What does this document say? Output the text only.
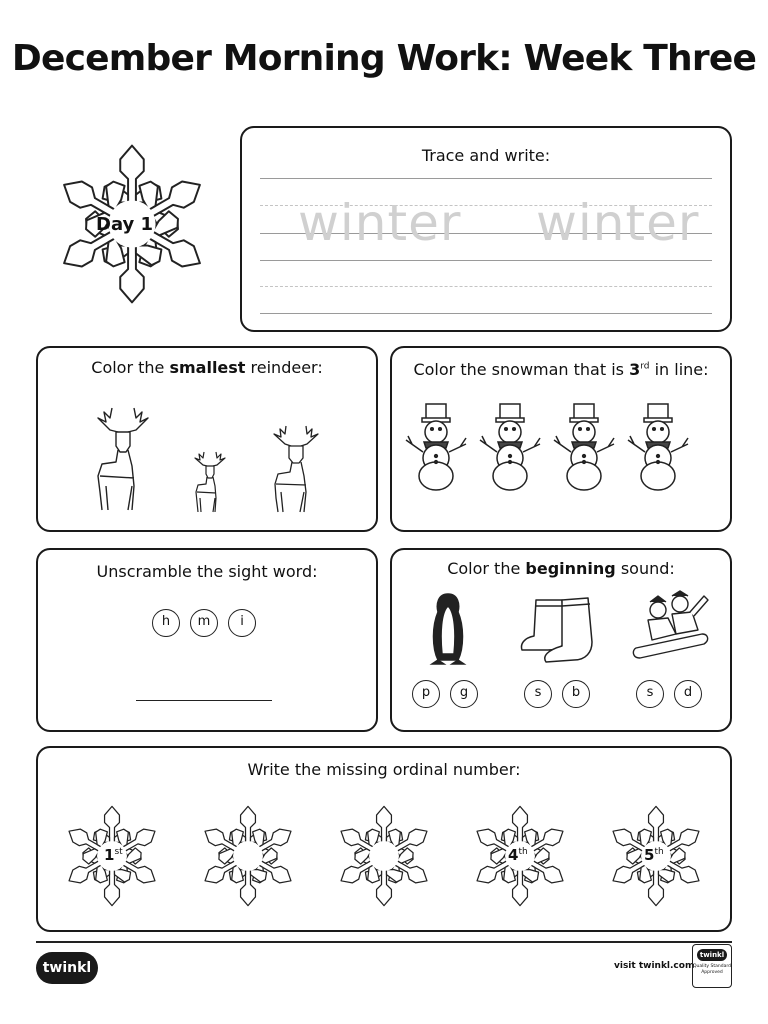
December Morning Work: Week Three
Day 1
Trace and write:
winter winter
Color the smallest reindeer:	Color the snowman that is 3rd in line:
Unscramble the sight word:
h	m	i
Color the beginning sound:
p	g	s	b	s	d
Write the missing ordinal number:
1st	4th	5th
twinkl	visit twinkl.com
twinkl
Quality Standard Approved
